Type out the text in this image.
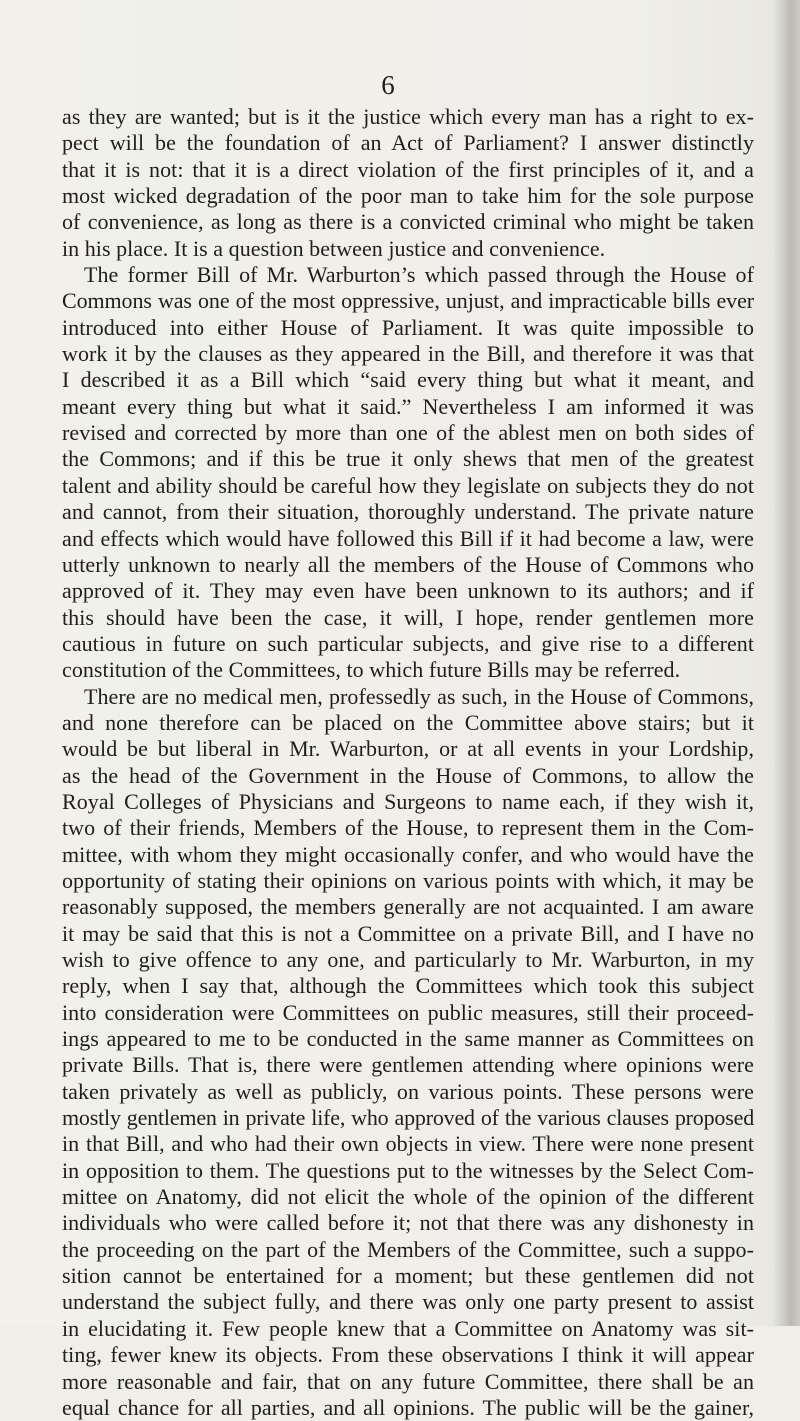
6
as they are wanted; but is it the justice which every man has a right to ex-
pect will be the foundation of an Act of Parliament? I answer distinctly
that it is not: that it is a direct violation of the first principles of it, and a
most wicked degradation of the poor man to take him for the sole purpose
of convenience, as long as there is a convicted criminal who might be taken
in his place. It is a question between justice and convenience.
The former Bill of Mr. Warburton’s which passed through the House of
Commons was one of the most oppressive, unjust, and impracticable bills ever
introduced into either House of Parliament. It was quite impossible to
work it by the clauses as they appeared in the Bill, and therefore it was that
I described it as a Bill which “said every thing but what it meant, and
meant every thing but what it said.” Nevertheless I am informed it was
revised and corrected by more than one of the ablest men on both sides of
the Commons; and if this be true it only shews that men of the greatest
talent and ability should be careful how they legislate on subjects they do not
and cannot, from their situation, thoroughly understand. The private nature
and effects which would have followed this Bill if it had become a law, were
utterly unknown to nearly all the members of the House of Commons who
approved of it. They may even have been unknown to its authors; and if
this should have been the case, it will, I hope, render gentlemen more
cautious in future on such particular subjects, and give rise to a different
constitution of the Committees, to which future Bills may be referred.
There are no medical men, professedly as such, in the House of Commons,
and none therefore can be placed on the Committee above stairs; but it
would be but liberal in Mr. Warburton, or at all events in your Lordship,
as the head of the Government in the House of Commons, to allow the
Royal Colleges of Physicians and Surgeons to name each, if they wish it,
two of their friends, Members of the House, to represent them in the Com-
mittee, with whom they might occasionally confer, and who would have the
opportunity of stating their opinions on various points with which, it may be
reasonably supposed, the members generally are not acquainted. I am aware
it may be said that this is not a Committee on a private Bill, and I have no
wish to give offence to any one, and particularly to Mr. Warburton, in my
reply, when I say that, although the Committees which took this subject
into consideration were Committees on public measures, still their proceed-
ings appeared to me to be conducted in the same manner as Committees on
private Bills. That is, there were gentlemen attending where opinions were
taken privately as well as publicly, on various points. These persons were
mostly gentlemen in private life, who approved of the various clauses proposed
in that Bill, and who had their own objects in view. There were none present
in opposition to them. The questions put to the witnesses by the Select Com-
mittee on Anatomy, did not elicit the whole of the opinion of the different
individuals who were called before it; not that there was any dishonesty in
the proceeding on the part of the Members of the Committee, such a suppo-
sition cannot be entertained for a moment; but these gentlemen did not
understand the subject fully, and there was only one party present to assist
in elucidating it. Few people knew that a Committee on Anatomy was sit-
ting, fewer knew its objects. From these observations I think it will appear
more reasonable and fair, that on any future Committee, there shall be an
equal chance for all parties, and all opinions. The public will be the gainer,
